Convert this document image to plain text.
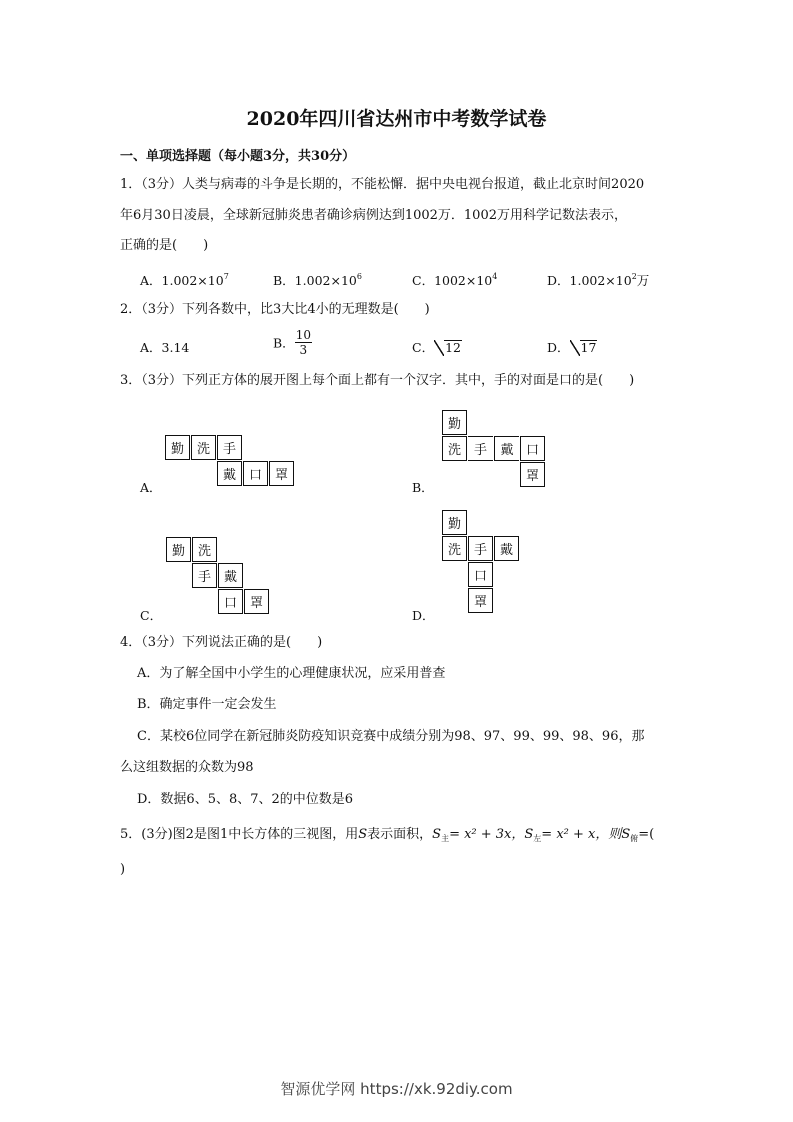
2020年四川省达州市中考数学试卷
一、单项选择题（每小题3分，共30分）
1．（3分）人类与病毒的斗争是长期的，不能松懈．据中央电视台报道，截止北京时间2020
年6月30日凌晨，全球新冠肺炎患者确诊病例达到1002万．1002万用科学记数法表示，
正确的是(　　)
A．$1.002\times 10^7$	B．$1.002\times 10^6$	C．$1002\times 10^4$	D．$1.002\times 10^2$万
2．（3分）下列各数中，比3大比4小的无理数是(　　)
A．3.14	B． $\frac{10}{3}$	C． 12	D． 17
3．（3分）下列正方体的展开图上每个面上都有一个汉字．其中，手的对面是口的是(　　)
勤 洗 手
戴 口 罩
A．
勤
洗 手	戴 口
罩
B．
勤 洗
手 戴
口 罩
C．
勤
洗 手 戴
口
罩
D．
4．（3分）下列说法正确的是(　　)
A．为了解全国中小学生的心理健康状况，应采用普查
B．确定事件一定会发生
C．某校6位同学在新冠肺炎防疫知识竞赛中成绩分别为98、97、99、99、98、96，那
么这组数据的众数为98
D．数据6、5、8、7、2的中位数是6
5．(3分)图2是图1中长方体的三视图，用S表示面积，$S_主= x^2 + 3x$，$S_左= x^2 + x$，则$S_俯=$(
)
智源优学网 https://xk.92diy.com
